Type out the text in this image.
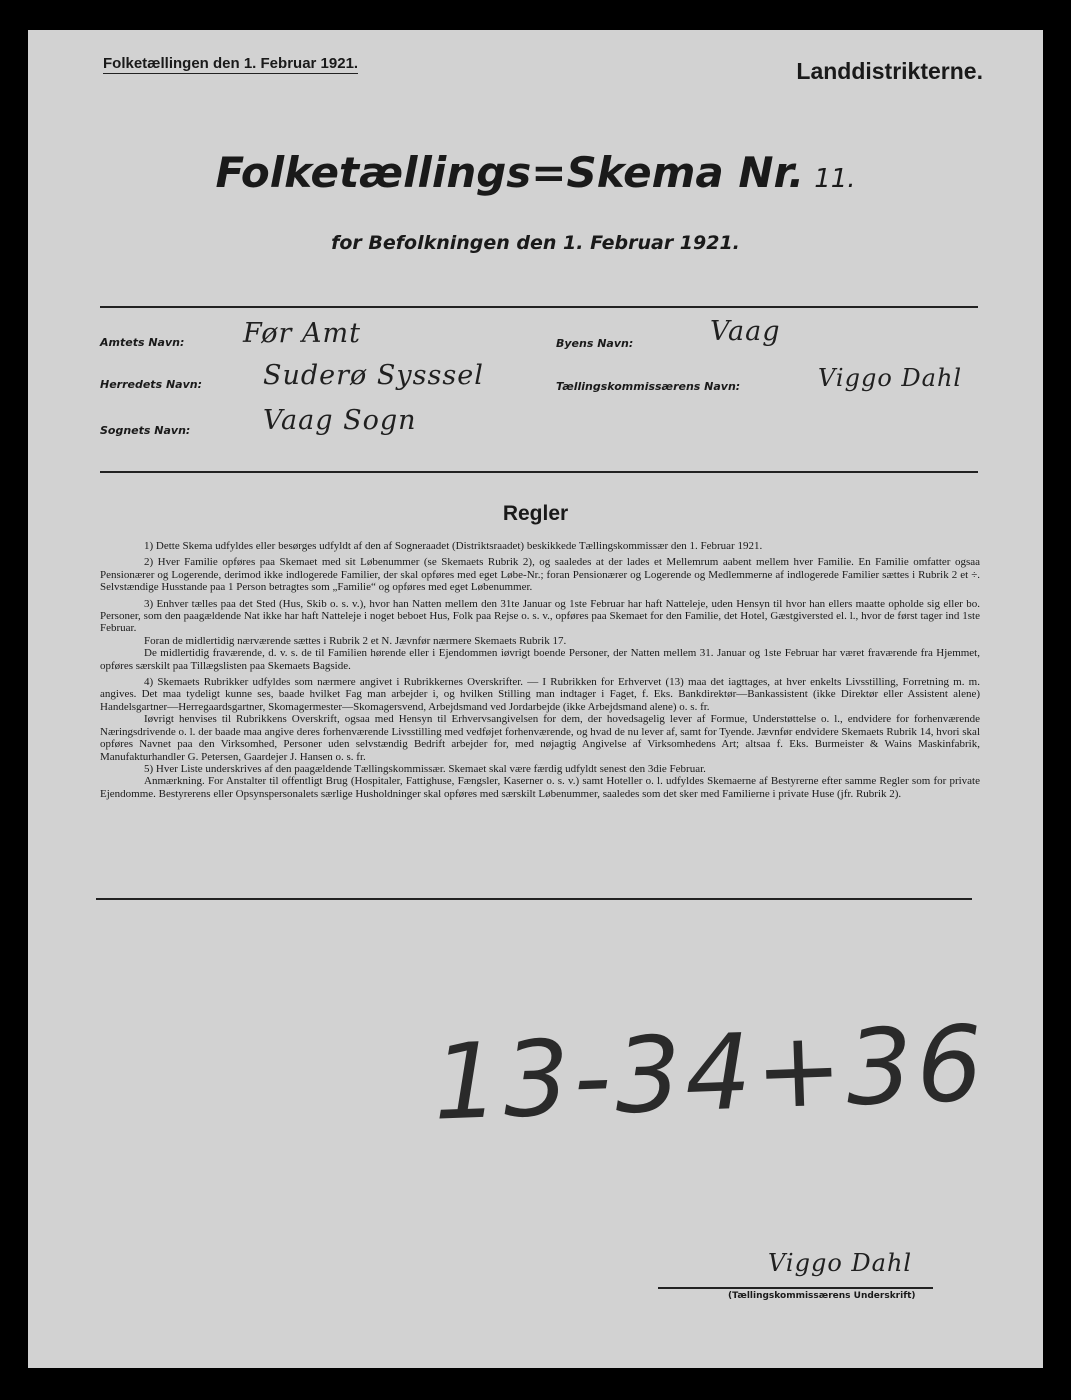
Folketællingen den 1. Februar 1921.	Landdistrikterne.
Folketællings=Skema Nr. 11.
for Befolkningen den 1. Februar 1921.
Amtets Navn: Før Amt
Herredets Navn: Suderø Sysssel
Sognets Navn:	Vaag Sogn
Byens Navn:	Vaag
Tællingskommissærens Navn:	Viggo Dahl
Regler

1) Dette Skema udfyldes eller besørges udfyldt af den af Sogneraadet (Distriktsraadet) beskikkede Tællingskommissær den 1. Februar 1921.

2) Hver Familie opføres paa Skemaet med sit Løbenummer (se Skemaets Rubrik 2), og saaledes at der lades et Mellemrum aabent mellem hver Familie. En Familie omfatter ogsaa Pensionærer og Logerende, derimod ikke indlogerede Familier, der skal opføres med eget Løbe-Nr.; foran Pensionærer og Logerende og Medlemmerne af indlogerede Familier sættes i Rubrik 2 et ÷. Selvstændige Husstande paa 1 Person betragtes som „Familie“ og opføres med eget Løbenummer.

3) Enhver tælles paa det Sted (Hus, Skib o. s. v.), hvor han Natten mellem den 31te Januar og 1ste Februar har haft Natteleje, uden Hensyn til hvor han ellers maatte opholde sig eller bo. Personer, som den paagældende Nat ikke har haft Natteleje i noget beboet Hus, Folk paa Rejse o. s. v., opføres paa Skemaet for den Familie, det Hotel, Gæstgiversted el. l., hvor de først tager ind 1ste Februar.

Foran de midlertidig nærværende sættes i Rubrik 2 et N. Jævnfør nærmere Skemaets Rubrik 17.

De midlertidig fraværende, d. v. s. de til Familien hørende eller i Ejendommen iøvrigt boende Personer, der Natten mellem 31. Januar og 1ste Februar har været fraværende fra Hjemmet, opføres særskilt paa Tillægslisten paa Skemaets Bagside.

4) Skemaets Rubrikker udfyldes som nærmere angivet i Rubrikkernes Overskrifter. — I Rubrikken for Erhvervet (13) maa det iagttages, at hver enkelts Livsstilling, Forretning m. m. angives. Det maa tydeligt kunne ses, baade hvilket Fag man arbejder i, og hvilken Stilling man indtager i Faget, f. Eks. Bankdirektør—Bankassistent (ikke Direktør eller Assistent alene) Handelsgartner—Herregaardsgartner, Skomagermester—Skomagersvend, Arbejdsmand ved Jordarbejde (ikke Arbejdsmand alene) o. s. fr.

Iøvrigt henvises til Rubrikkens Overskrift, ogsaa med Hensyn til Erhvervsangivelsen for dem, der hovedsagelig lever af Formue, Understøttelse o. l., endvidere for forhenværende Næringsdrivende o. l. der baade maa angive deres forhenværende Livsstilling med vedføjet forhenværende, og hvad de nu lever af, samt for Tyende. Jævnfør endvidere Skemaets Rubrik 14, hvori skal opføres Navnet paa den Virksomhed, Personer uden selvstændig Bedrift arbejder for, med nøjagtig Angivelse af Virksomhedens Art; altsaa f. Eks. Burmeister & Wains Maskinfabrik, Manufakturhandler G. Petersen, Gaardejer J. Hansen o. s. fr.

5) Hver Liste underskrives af den paagældende Tællingskommissær. Skemaet skal være færdig udfyldt senest den 3die Februar.

Anmærkning. For Anstalter til offentligt Brug (Hospitaler, Fattighuse, Fængsler, Kaserner o. s. v.) samt Hoteller o. l. udfyldes Skemaerne af Bestyrerne efter samme Regler som for private Ejendomme. Bestyrerens eller Opsynspersonalets særlige Husholdninger skal opføres med særskilt Løbenummer, saaledes som det sker med Familierne i private Huse (jfr. Rubrik 2).

13-34+36
Viggo Dahl
(Tællingskommissærens Underskrift)
